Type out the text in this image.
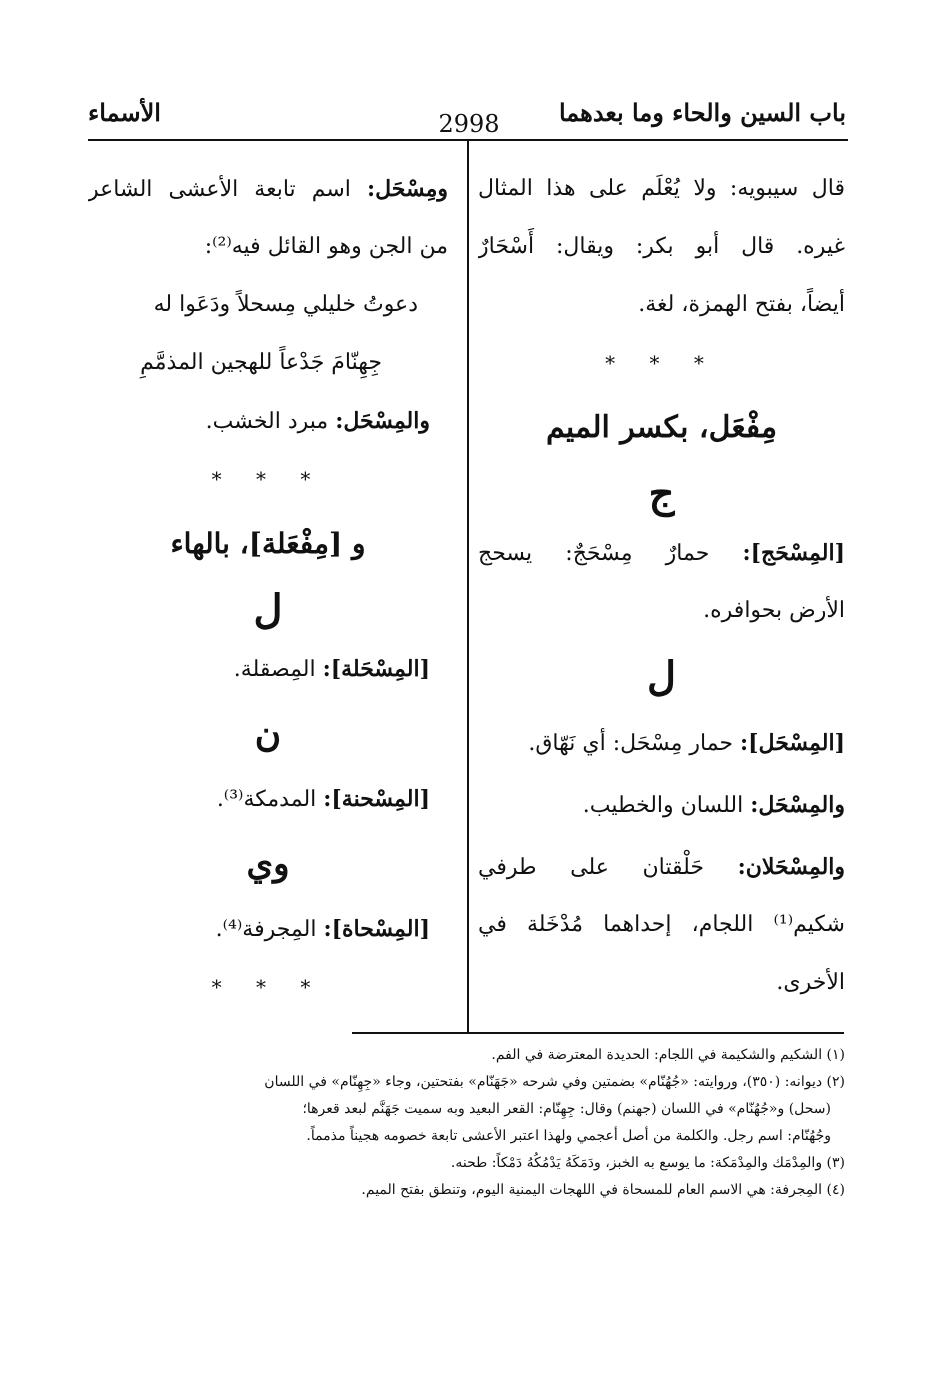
باب السين والحاء وما بعدهما
2998
الأسماء
قال سيبويه: ولا يُعْلَم على هذا المثال
غيره. قال أبو بكر: ويقال: أَسْحَارٌ
أيضاً، بفتح الهمزة، لغة.
* * *
مِفْعَل، بكسر الميم
ج
[المِسْحَج]: حمارٌ مِسْحَجٌ: يسحج
الأرض بحوافره.
ل
[المِسْحَل]: حمار مِسْحَل: أي نَهّاق.
والمِسْحَل: اللسان والخطيب.
والمِسْحَلان: حَلْقتان على طرفي
شكيم⁽¹⁾ اللجام، إحداهما مُدْخَلة في
الأخرى.
ومِسْحَل: اسم تابعة الأعشى الشاعر
من الجن وهو القائل فيه⁽²⁾:
دعوتُ خليلي مِسحلاً ودَعَوا له
جِهِنّامَ جَدْعاً للهجين المذمَّمِ
والمِسْحَل: مبرد الخشب.
* * *
و [مِفْعَلة]، بالهاء
ل
[المِسْحَلة]: المِصقلة.
ن
[المِسْحنة]: المدمكة⁽³⁾.
وي
[المِسْحاة]: المِجرفة⁽⁴⁾.
* * *
(١) الشكيم والشكيمة في اللجام: الحديدة المعترضة في الفم.
(٢) ديوانه: (٣٥٠)، وروايته: «جُهُنّام» بضمتين وفي شرحه «جَهَنّام» بفتحتين، وجاء «جِهِنّام» في اللسان
(سحل) و«جُهُنّام» في اللسان (جهنم) وقال: جِهِنّام: القعر البعيد وبه سميت جَهَنَّم لبعد قعرها؛
وجُهُنّام: اسم رجل. والكلمة من أصل أعجمي ولهذا اعتبر الأعشى تابعة خصومه هجيناً مذمماً.
(٣) والمِدْمَك والمِدْمَكة: ما يوسع به الخبز، ودَمَكَهُ يَدْمُكُهُ دَمْكاً: طحنه.
(٤) المِجرفة: هي الاسم العام للمسحاة في اللهجات اليمنية اليوم، وتنطق بفتح الميم.
